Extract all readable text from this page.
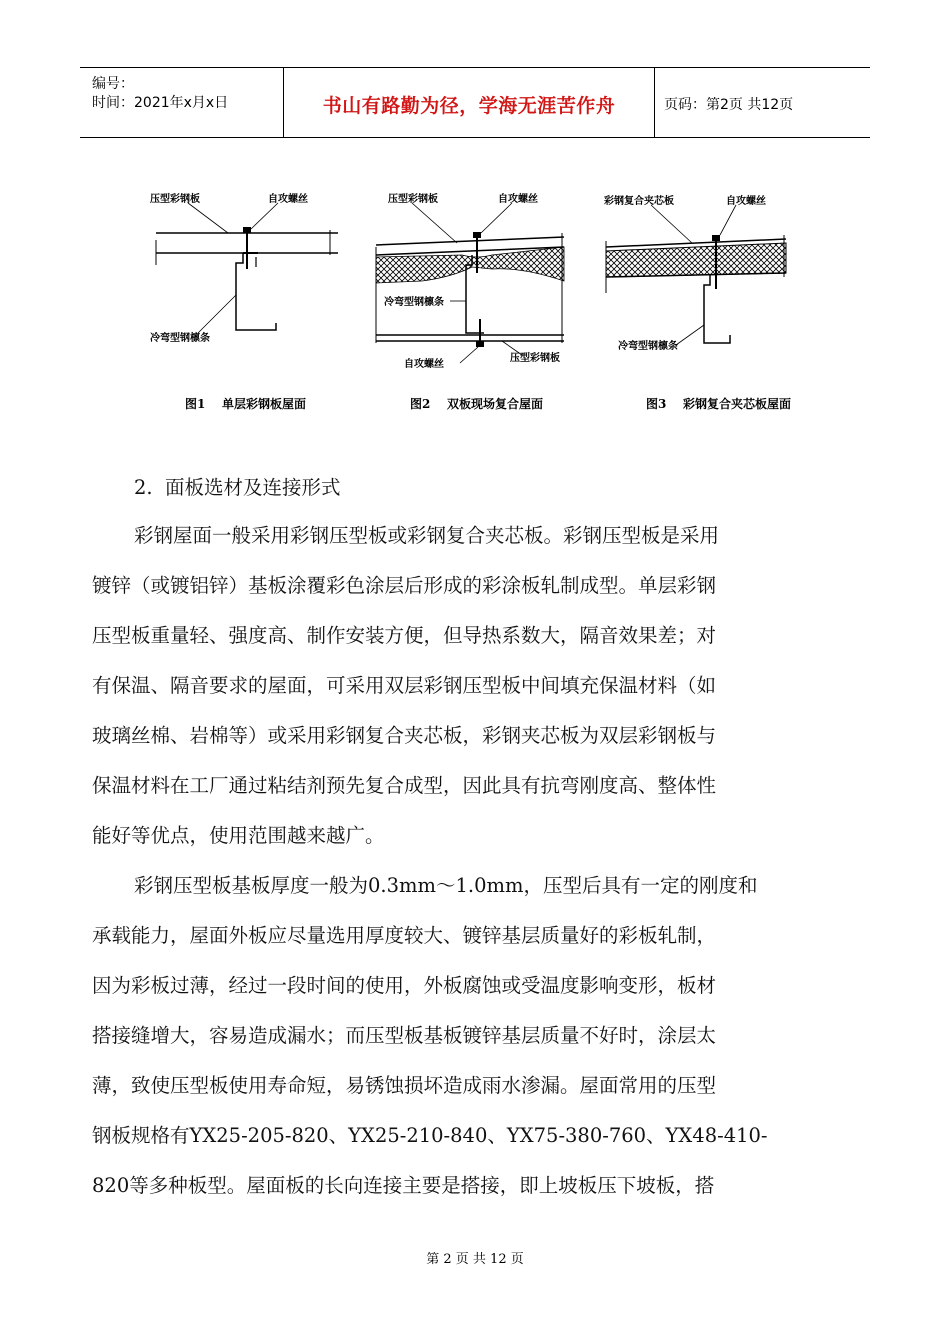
编号：
时间：2021年x月x日	书山有路勤为径，学海无涯苦作舟	页码：第2页 共12页
压型彩钢板	自攻螺丝
冷弯型钢檩条
图1    单层彩钢板屋面
压型彩钢板	自攻螺丝
冷弯型钢檩条
自攻螺丝
压型彩钢板
图2    双板现场复合屋面
彩钢复合夹芯板	自攻螺丝
冷弯型钢檩条
图3    彩钢复合夹芯板屋面
2.  面板选材及连接形式
彩钢屋面一般采用彩钢压型板或彩钢复合夹芯板。彩钢压型板是采用
镀锌（或镀铝锌）基板涂覆彩色涂层后形成的彩涂板轧制成型。单层彩钢
压型板重量轻、强度高、制作安装方便，但导热系数大，隔音效果差；对
有保温、隔音要求的屋面，可采用双层彩钢压型板中间填充保温材料（如
玻璃丝棉、岩棉等）或采用彩钢复合夹芯板，彩钢夹芯板为双层彩钢板与
保温材料在工厂通过粘结剂预先复合成型，因此具有抗弯刚度高、整体性
能好等优点，使用范围越来越广。
彩钢压型板基板厚度一般为0.3mm～1.0mm，压型后具有一定的刚度和
承载能力，屋面外板应尽量选用厚度较大、镀锌基层质量好的彩板轧制，
因为彩板过薄，经过一段时间的使用，外板腐蚀或受温度影响变形，板材
搭接缝增大，容易造成漏水；而压型板基板镀锌基层质量不好时，涂层太
薄，致使压型板使用寿命短，易锈蚀损坏造成雨水渗漏。屋面常用的压型
钢板规格有YX25-205-820、YX25-210-840、YX75-380-760、YX48-410-
820等多种板型。屋面板的长向连接主要是搭接，即上坡板压下坡板，搭
第 2 页 共 12 页
